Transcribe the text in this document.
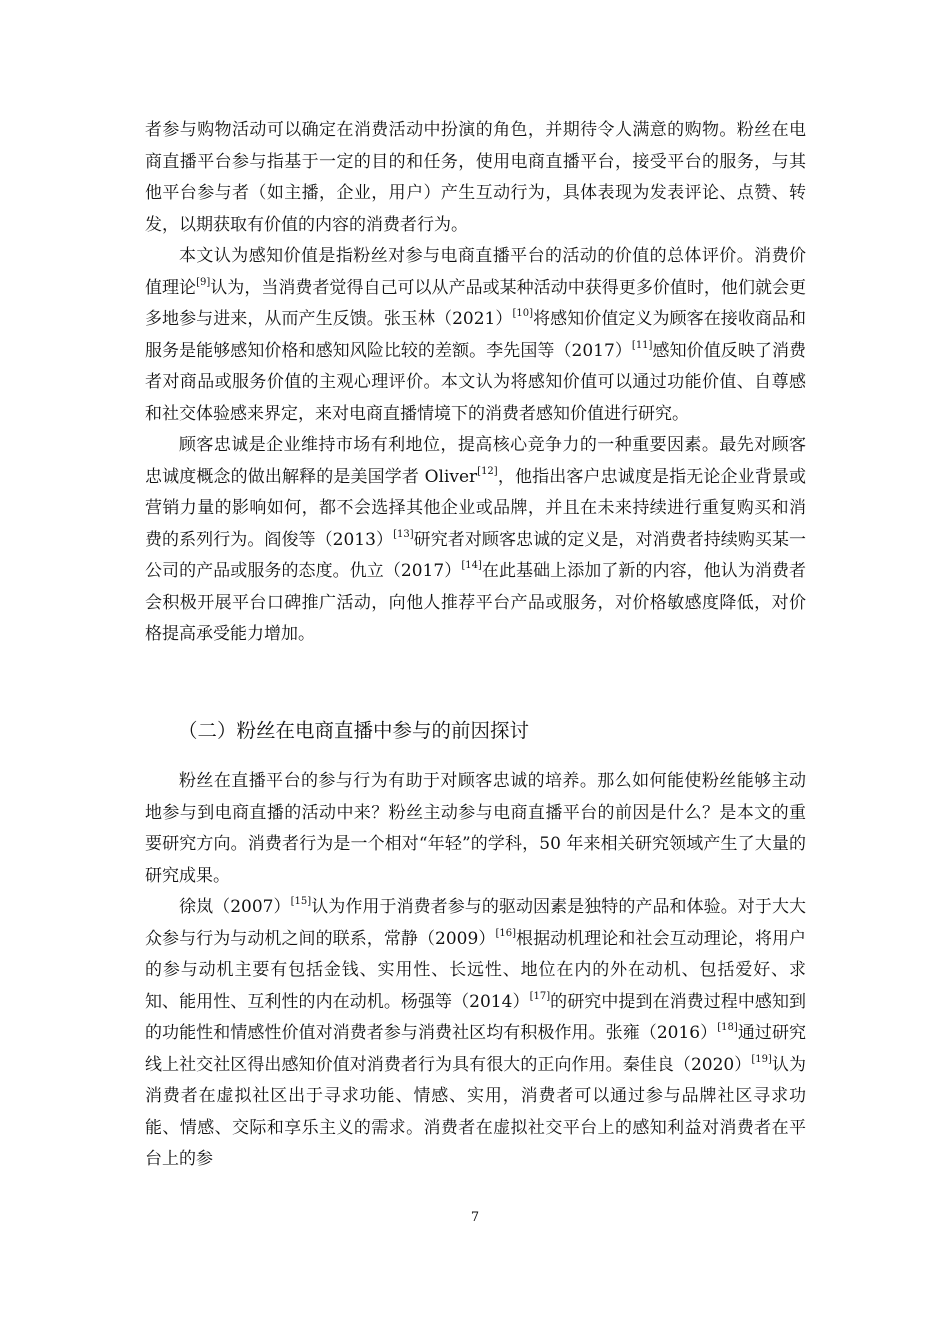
者参与购物活动可以确定在消费活动中扮演的角色，并期待令人满意的购物。粉丝在电商直播平台参与指基于一定的目的和任务，使用电商直播平台，接受平台的服务，与其他平台参与者（如主播，企业，用户）产生互动行为，具体表现为发表评论、点赞、转发，以期获取有价值的内容的消费者行为。

本文认为感知价值是指粉丝对参与电商直播平台的活动的价值的总体评价。消费价值理论[9]认为，当消费者觉得自己可以从产品或某种活动中获得更多价值时，他们就会更多地参与进来，从而产生反馈。张玉林（2021）[10]将感知价值定义为顾客在接收商品和服务是能够感知价格和感知风险比较的差额。李先国等（2017）[11]感知价值反映了消费者对商品或服务价值的主观心理评价。本文认为将感知价值可以通过功能价值、自尊感和社交体验感来界定，来对电商直播情境下的消费者感知价值进行研究。

顾客忠诚是企业维持市场有利地位，提高核心竞争力的一种重要因素。最先对顾客忠诚度概念的做出解释的是美国学者 Oliver[12]，他指出客户忠诚度是指无论企业背景或营销力量的影响如何，都不会选择其他企业或品牌，并且在未来持续进行重复购买和消费的系列行为。阎俊等（2013）[13]研究者对顾客忠诚的定义是，对消费者持续购买某一公司的产品或服务的态度。仇立（2017）[14]在此基础上添加了新的内容，他认为消费者会积极开展平台口碑推广活动，向他人推荐平台产品或服务，对价格敏感度降低，对价格提高承受能力增加。

（二）粉丝在电商直播中参与的前因探讨

粉丝在直播平台的参与行为有助于对顾客忠诚的培养。那么如何能使粉丝能够主动地参与到电商直播的活动中来？粉丝主动参与电商直播平台的前因是什么？是本文的重要研究方向。消费者行为是一个相对“年轻”的学科，50 年来相关研究领域产生了大量的研究成果。

徐岚（2007）[15]认为作用于消费者参与的驱动因素是独特的产品和体验。对于大大众参与行为与动机之间的联系，常静（2009）[16]根据动机理论和社会互动理论，将用户的参与动机主要有包括金钱、实用性、长远性、地位在内的外在动机、包括爱好、求知、能用性、互利性的内在动机。杨强等（2014）[17]的研究中提到在消费过程中感知到的功能性和情感性价值对消费者参与消费社区均有积极作用。张雍（2016）[18]通过研究线上社交社区得出感知价值对消费者行为具有很大的正向作用。秦佳良（2020）[19]认为消费者在虚拟社区出于寻求功能、情感、实用，消费者可以通过参与品牌社区寻求功能、情感、交际和享乐主义的需求。消费者在虚拟社交平台上的感知利益对消费者在平台上的参

7
